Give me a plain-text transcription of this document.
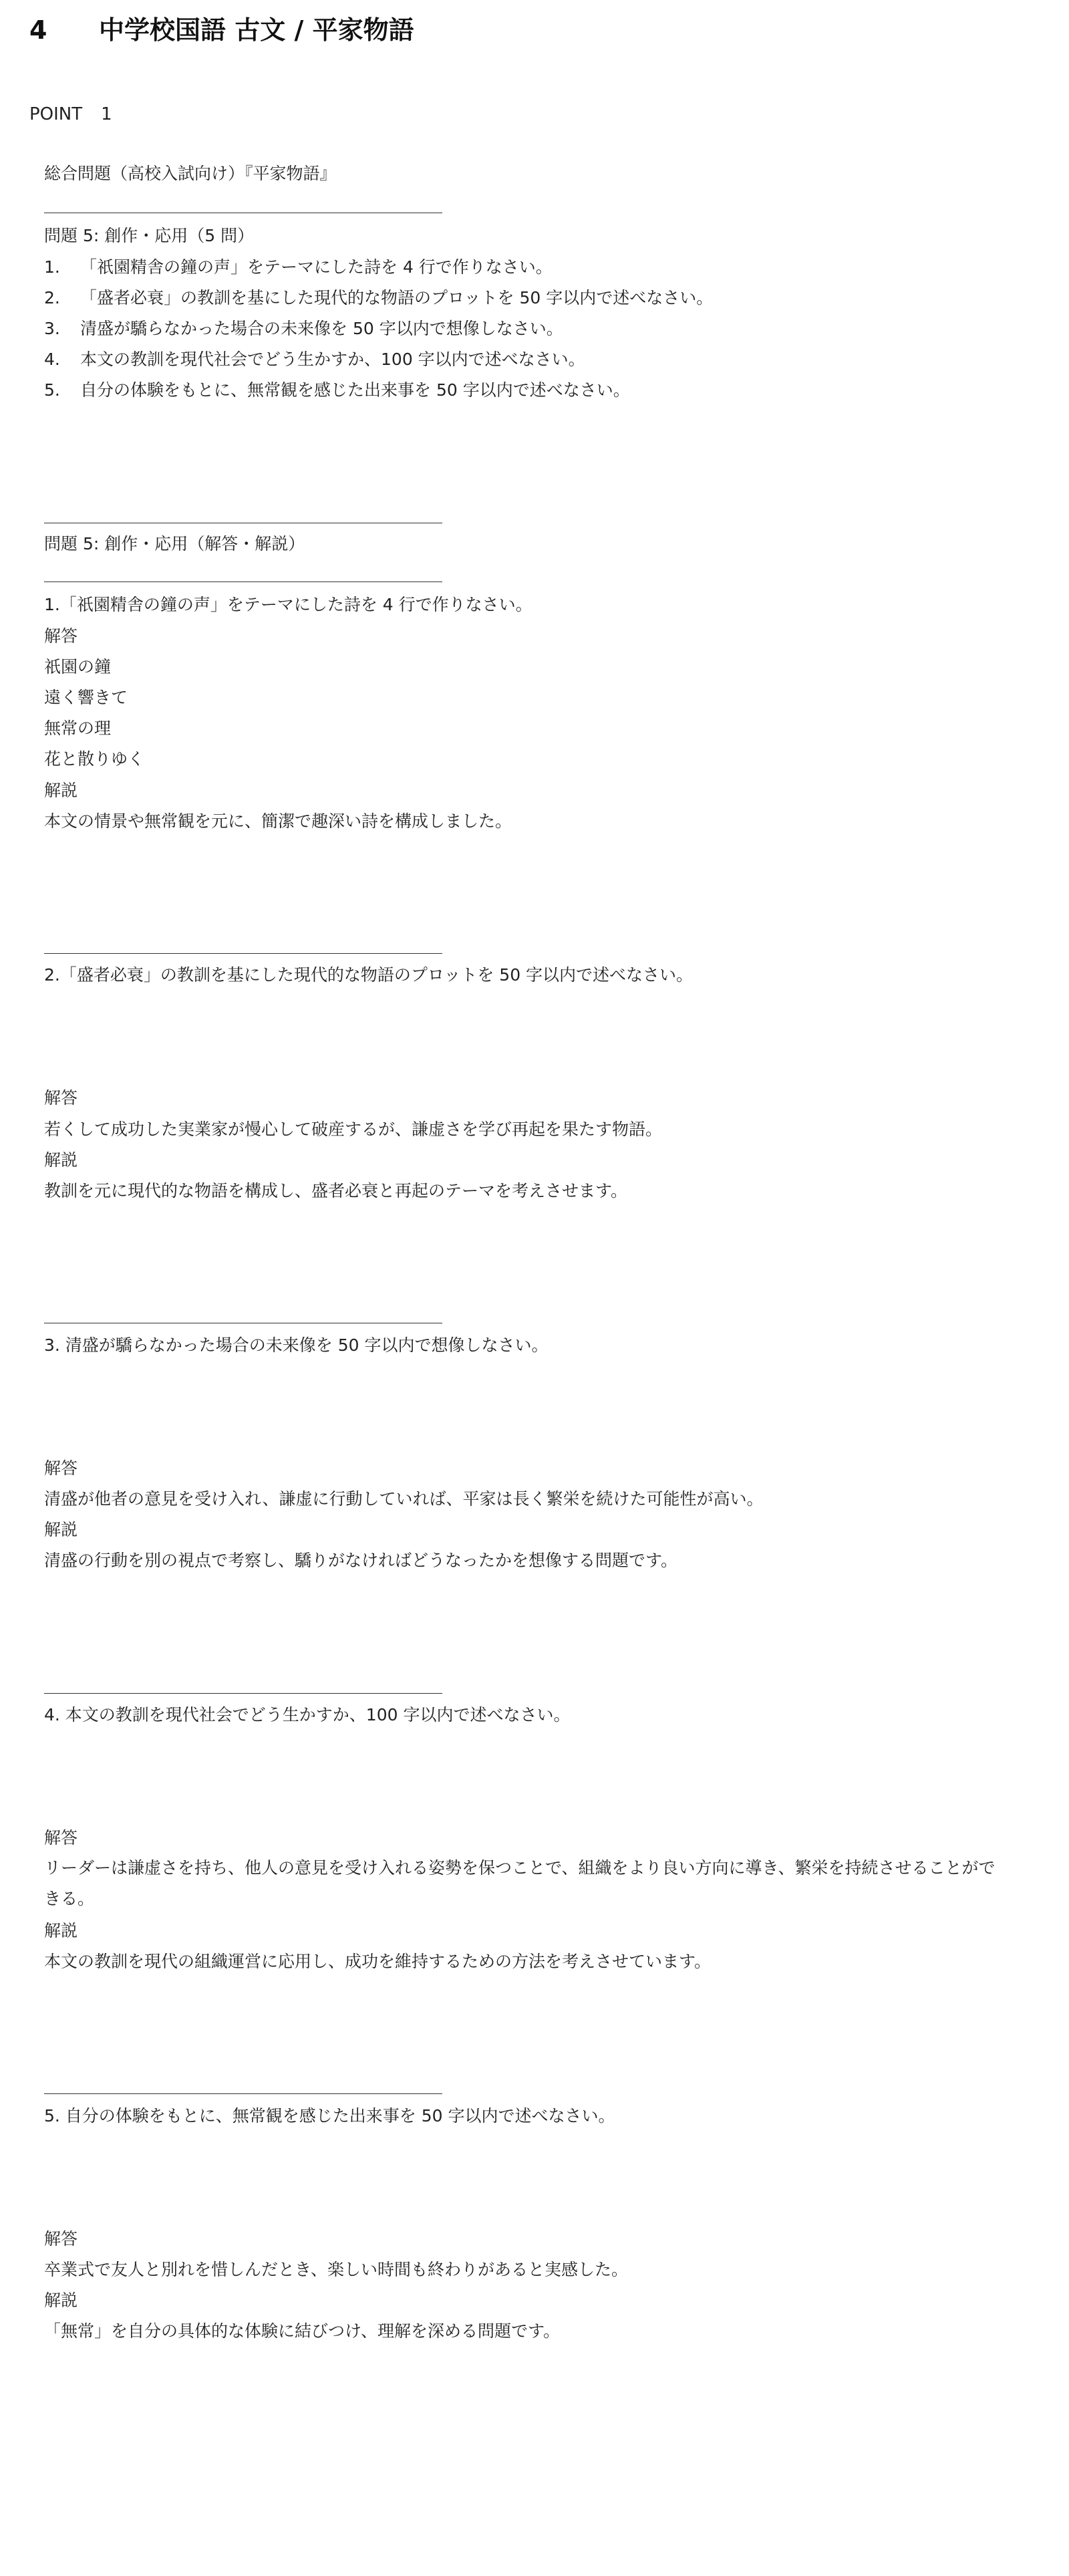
4 中学校国語 古文 / 平家物語
POINT 1
総合問題（高校入試向け）『平家物語』
問題 5: 創作・応用（5 問）
1. 「祇園精舎の鐘の声」をテーマにした詩を 4 行で作りなさい。
2. 「盛者必衰」の教訓を基にした現代的な物語のプロットを 50 字以内で述べなさい。
3. 清盛が驕らなかった場合の未来像を 50 字以内で想像しなさい。
4. 本文の教訓を現代社会でどう生かすか、100 字以内で述べなさい。
5. 自分の体験をもとに、無常観を感じた出来事を 50 字以内で述べなさい。
問題 5: 創作・応用（解答・解説）
1.「祇園精舎の鐘の声」をテーマにした詩を 4 行で作りなさい。
解答
祇園の鐘
遠く響きて
無常の理
花と散りゆく
解説
本文の情景や無常観を元に、簡潔で趣深い詩を構成しました。
2.「盛者必衰」の教訓を基にした現代的な物語のプロットを 50 字以内で述べなさい。
解答
若くして成功した実業家が慢心して破産するが、謙虚さを学び再起を果たす物語。
解説
教訓を元に現代的な物語を構成し、盛者必衰と再起のテーマを考えさせます。
3. 清盛が驕らなかった場合の未来像を 50 字以内で想像しなさい。
解答
清盛が他者の意見を受け入れ、謙虚に行動していれば、平家は長く繁栄を続けた可能性が高い。
解説
清盛の行動を別の視点で考察し、驕りがなければどうなったかを想像する問題です。
4. 本文の教訓を現代社会でどう生かすか、100 字以内で述べなさい。
解答
リーダーは謙虚さを持ち、他人の意見を受け入れる姿勢を保つことで、組織をより良い方向に導き、繁栄を持続させることができる。
解説
本文の教訓を現代の組織運営に応用し、成功を維持するための方法を考えさせています。
5. 自分の体験をもとに、無常観を感じた出来事を 50 字以内で述べなさい。
解答
卒業式で友人と別れを惜しんだとき、楽しい時間も終わりがあると実感した。
解説
「無常」を自分の具体的な体験に結びつけ、理解を深める問題です。
